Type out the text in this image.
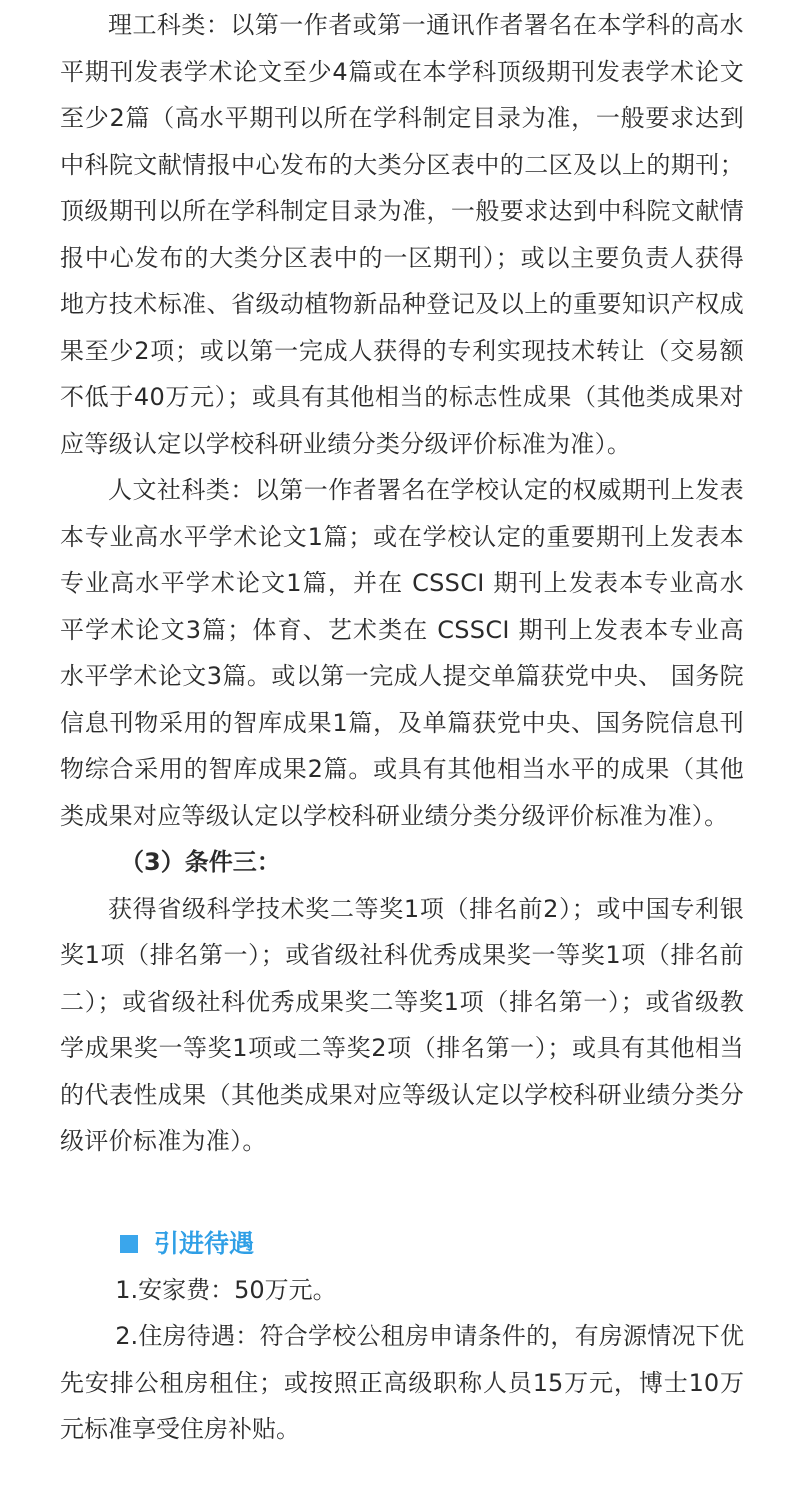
理工科类：以第一作者或第一通讯作者署名在本学科的高水平期刊发表学术论文至少4篇或在本学科顶级期刊发表学术论文至少2篇（高水平期刊以所在学科制定目录为准，一般要求达到中科院文献情报中心发布的大类分区表中的二区及以上的期刊；顶级期刊以所在学科制定目录为准，一般要求达到中科院文献情报中心发布的大类分区表中的一区期刊）；或以主要负责人获得地方技术标准、省级动植物新品种登记及以上的重要知识产权成果至少2项；或以第一完成人获得的专利实现技术转让（交易额不低于40万元）；或具有其他相当的标志性成果（其他类成果对应等级认定以学校科研业绩分类分级评价标准为准）。

人文社科类：以第一作者署名在学校认定的权威期刊上发表本专业高水平学术论文1篇；或在学校认定的重要期刊上发表本专业高水平学术论文1篇，并在 CSSCI 期刊上发表本专业高水平学术论文3篇；体育、艺术类在 CSSCI 期刊上发表本专业高水平学术论文3篇。或以第一完成人提交单篇获党中央、 国务院信息刊物采用的智库成果1篇，及单篇获党中央、国务院信息刊物综合采用的智库成果2篇。或具有其他相当水平的成果（其他类成果对应等级认定以学校科研业绩分类分级评价标准为准）。

（3）条件三：

获得省级科学技术奖二等奖1项（排名前2）；或中国专利银奖1项（排名第一）；或省级社科优秀成果奖一等奖1项（排名前二）；或省级社科优秀成果奖二等奖1项（排名第一）；或省级教学成果奖一等奖1项或二等奖2项（排名第一）；或具有其他相当的代表性成果（其他类成果对应等级认定以学校科研业绩分类分级评价标准为准）。

引进待遇

1.安家费：50万元。

2.住房待遇：符合学校公租房申请条件的，有房源情况下优先安排公租房租住；或按照正高级职称人员15万元，博士10万元标准享受住房补贴。
